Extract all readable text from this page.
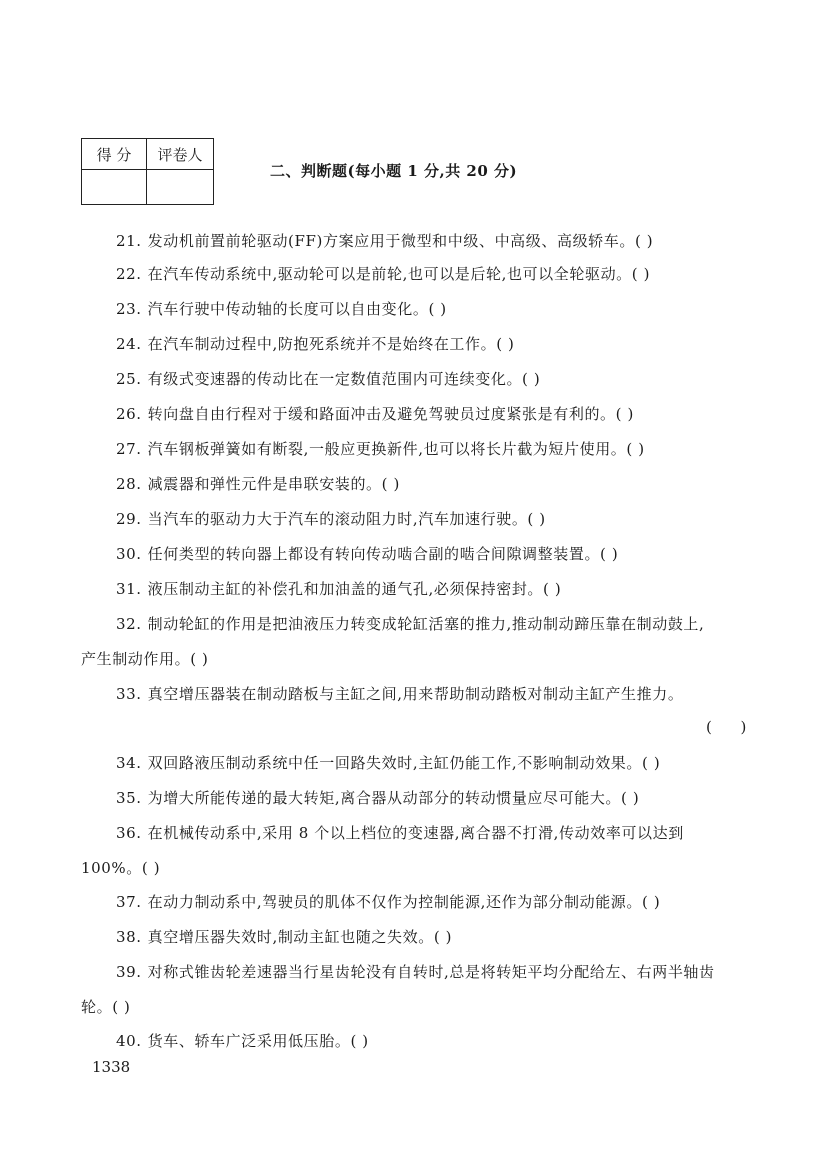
得 分	评卷人

二、判断题(每小题 1 分,共 20 分)
21. 发动机前置前轮驱动(FF)方案应用于微型和中级、中高级、高级轿车。( )
22. 在汽车传动系统中,驱动轮可以是前轮,也可以是后轮,也可以全轮驱动。( )
23. 汽车行驶中传动轴的长度可以自由变化。( )
24. 在汽车制动过程中,防抱死系统并不是始终在工作。( )
25. 有级式变速器的传动比在一定数值范围内可连续变化。( )
26. 转向盘自由行程对于缓和路面冲击及避免驾驶员过度紧张是有利的。( )
27. 汽车钢板弹簧如有断裂,一般应更换新件,也可以将长片截为短片使用。( )
28. 减震器和弹性元件是串联安装的。( )
29. 当汽车的驱动力大于汽车的滚动阻力时,汽车加速行驶。( )
30. 任何类型的转向器上都设有转向传动啮合副的啮合间隙调整装置。( )
31. 液压制动主缸的补偿孔和加油盖的通气孔,必须保持密封。( )
32. 制动轮缸的作用是把油液压力转变成轮缸活塞的推力,推动制动蹄压靠在制动鼓上,
产生制动作用。( )
33. 真空增压器装在制动踏板与主缸之间,用来帮助制动踏板对制动主缸产生推力。
(      )
34. 双回路液压制动系统中任一回路失效时,主缸仍能工作,不影响制动效果。( )
35. 为增大所能传递的最大转矩,离合器从动部分的转动惯量应尽可能大。( )
36. 在机械传动系中,采用 8 个以上档位的变速器,离合器不打滑,传动效率可以达到
100%。( )
37. 在动力制动系中,驾驶员的肌体不仅作为控制能源,还作为部分制动能源。( )
38. 真空增压器失效时,制动主缸也随之失效。( )
39. 对称式锥齿轮差速器当行星齿轮没有自转时,总是将转矩平均分配给左、右两半轴齿
轮。( )
40. 货车、轿车广泛采用低压胎。( )
1338
